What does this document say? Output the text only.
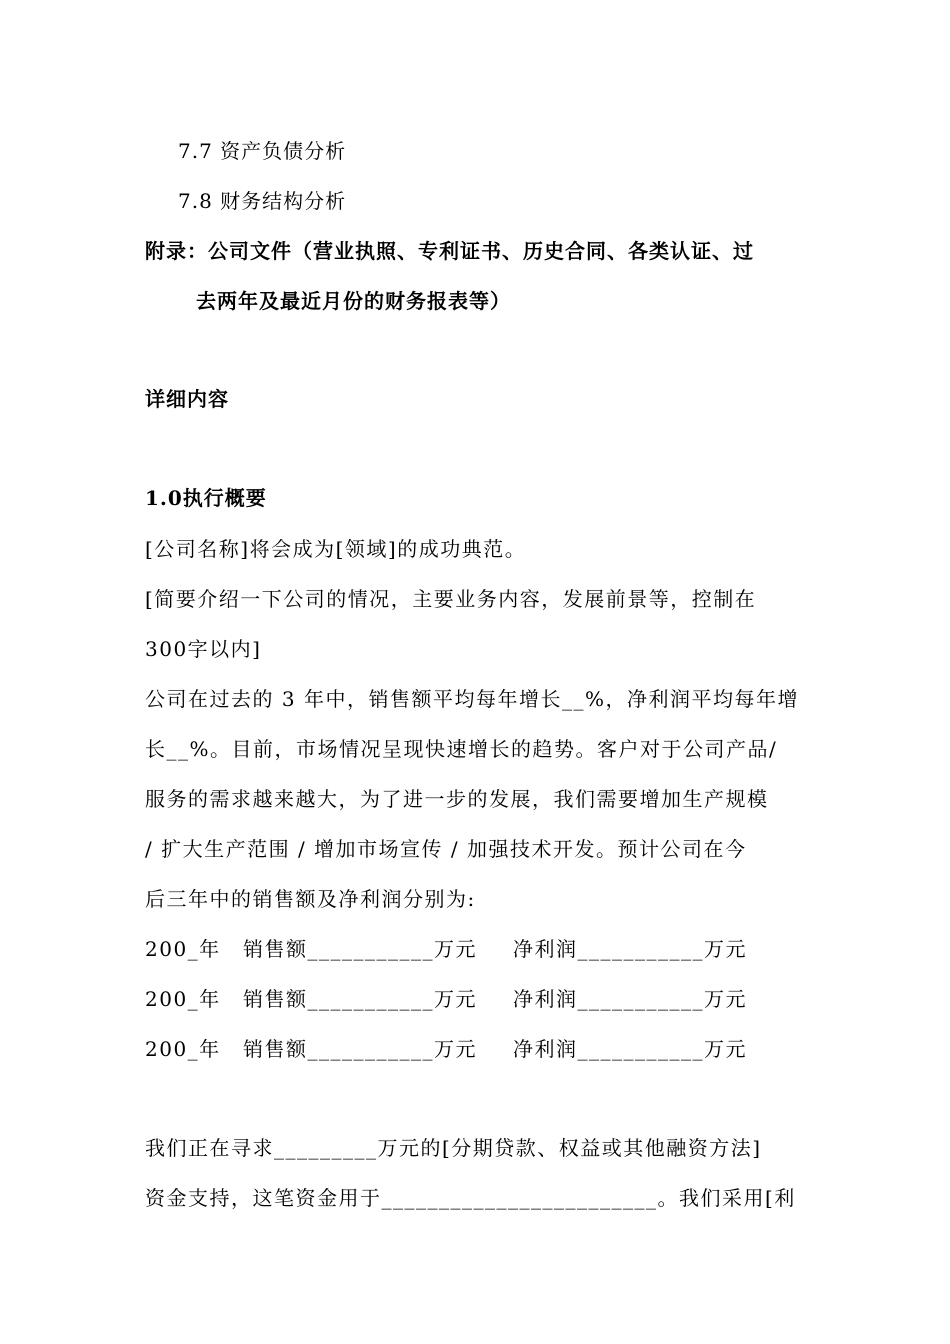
7.7 资产负债分析
7.8 财务结构分析
附录：公司文件（营业执照、专利证书、历史合同、各类认证、过
去两年及最近月份的财务报表等）
详细内容
1.0执行概要
[公司名称]将会成为[领域]的成功典范。
[简要介绍一下公司的情况，主要业务内容，发展前景等，控制在
300字以内]
公司在过去的 3 年中，销售额平均每年增长__%，净利润平均每年增
长__%。目前，市场情况呈现快速增长的趋势。客户对于公司产品/
服务的需求越来越大，为了进一步的发展，我们需要增加生产规模
/ 扩大生产范围 / 增加市场宣传 / 加强技术开发。预计公司在今
后三年中的销售额及净利润分别为:
200_年	销售额___________万元	净利润___________万元
200_年	销售额___________万元	净利润___________万元
200_年	销售额___________万元	净利润___________万元
我们正在寻求_________万元的[分期贷款、权益或其他融资方法]
资金支持，这笔资金用于________________________。我们采用[利
